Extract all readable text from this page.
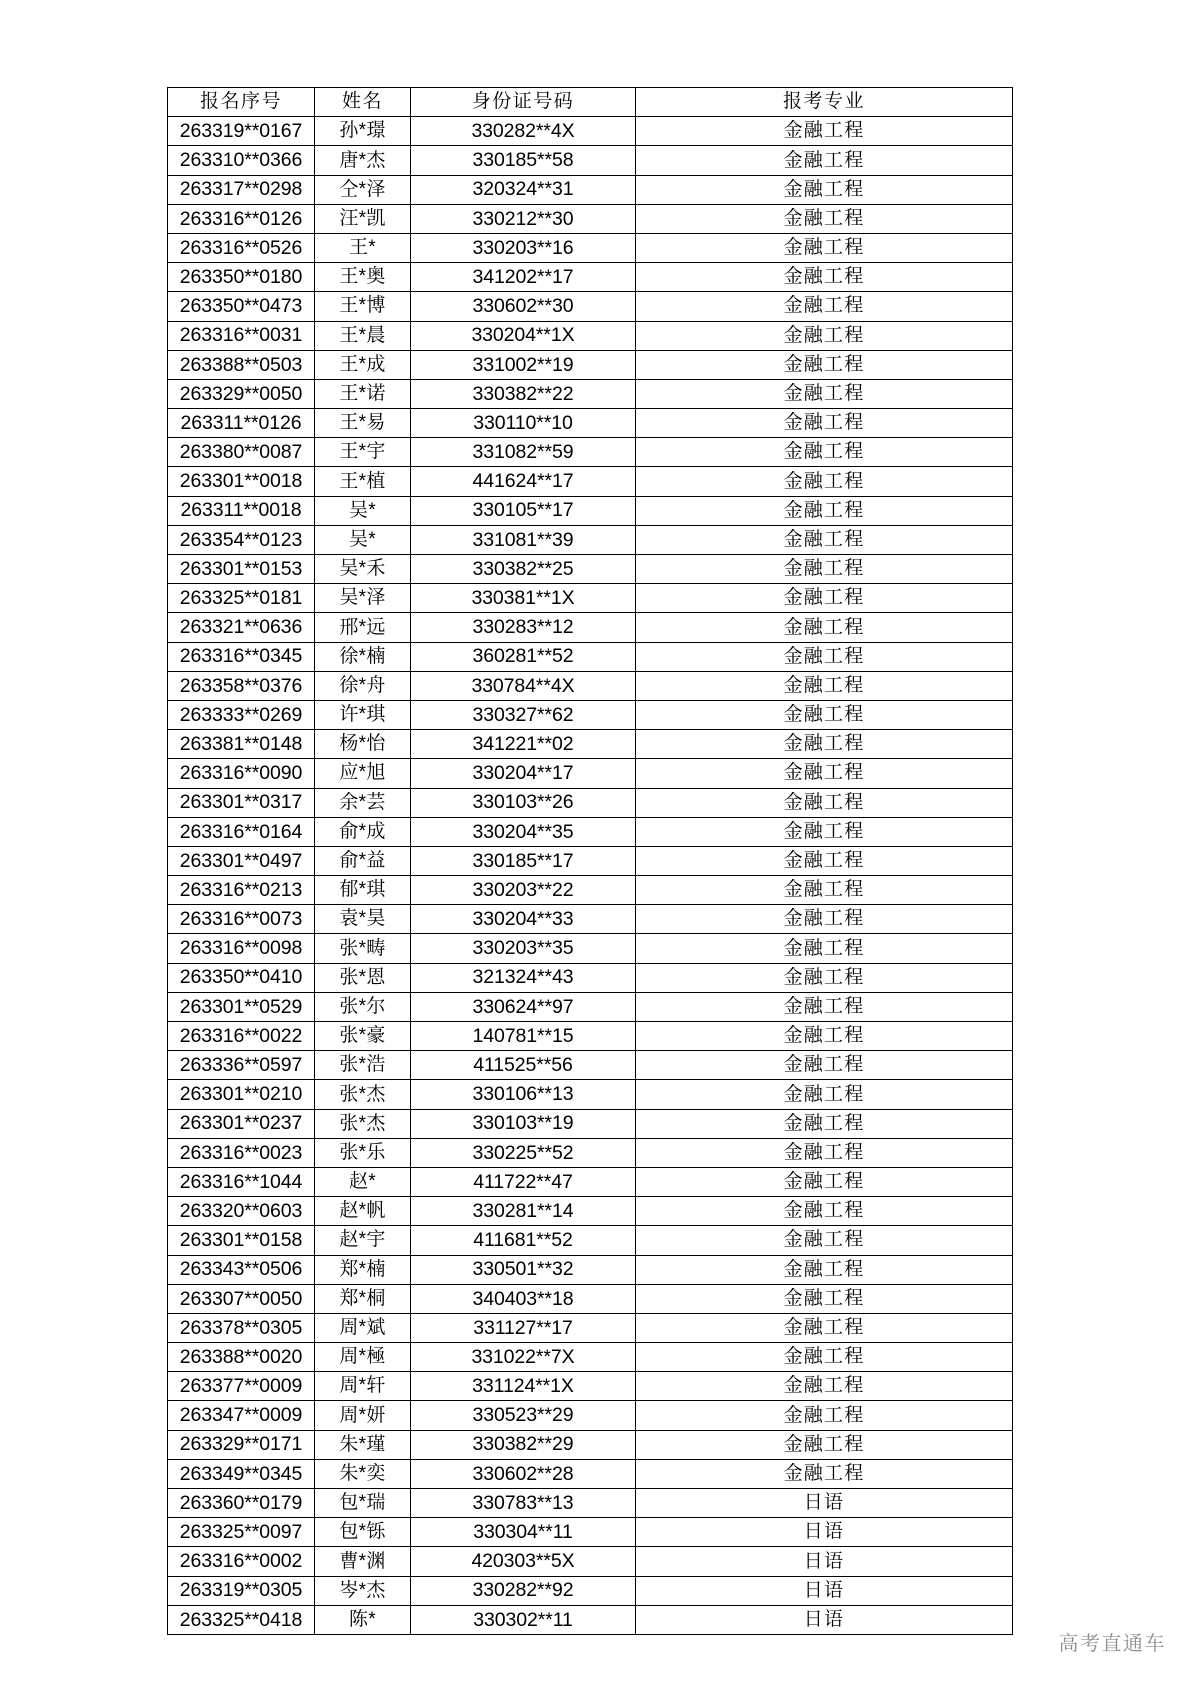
报名序号	姓名	身份证号码	报考专业
263319**0167	孙*璟	330282**4X	金融工程
263310**0366	唐*杰	330185**58	金融工程
263317**0298	仝*泽	320324**31	金融工程
263316**0126	汪*凯	330212**30	金融工程
263316**0526	王*	330203**16	金融工程
263350**0180	王*奥	341202**17	金融工程
263350**0473	王*博	330602**30	金融工程
263316**0031	王*晨	330204**1X	金融工程
263388**0503	王*成	331002**19	金融工程
263329**0050	王*诺	330382**22	金融工程
263311**0126	王*易	330110**10	金融工程
263380**0087	王*宇	331082**59	金融工程
263301**0018	王*植	441624**17	金融工程
263311**0018	吴*	330105**17	金融工程
263354**0123	吴*	331081**39	金融工程
263301**0153	吴*禾	330382**25	金融工程
263325**0181	吴*泽	330381**1X	金融工程
263321**0636	邢*远	330283**12	金融工程
263316**0345	徐*楠	360281**52	金融工程
263358**0376	徐*舟	330784**4X	金融工程
263333**0269	许*琪	330327**62	金融工程
263381**0148	杨*怡	341221**02	金融工程
263316**0090	应*旭	330204**17	金融工程
263301**0317	余*芸	330103**26	金融工程
263316**0164	俞*成	330204**35	金融工程
263301**0497	俞*益	330185**17	金融工程
263316**0213	郁*琪	330203**22	金融工程
263316**0073	袁*昊	330204**33	金融工程
263316**0098	张*畴	330203**35	金融工程
263350**0410	张*恩	321324**43	金融工程
263301**0529	张*尔	330624**97	金融工程
263316**0022	张*豪	140781**15	金融工程
263336**0597	张*浩	411525**56	金融工程
263301**0210	张*杰	330106**13	金融工程
263301**0237	张*杰	330103**19	金融工程
263316**0023	张*乐	330225**52	金融工程
263316**1044	赵*	411722**47	金融工程
263320**0603	赵*帆	330281**14	金融工程
263301**0158	赵*宇	411681**52	金融工程
263343**0506	郑*楠	330501**32	金融工程
263307**0050	郑*桐	340403**18	金融工程
263378**0305	周*斌	331127**17	金融工程
263388**0020	周*極	331022**7X	金融工程
263377**0009	周*轩	331124**1X	金融工程
263347**0009	周*妍	330523**29	金融工程
263329**0171	朱*瑾	330382**29	金融工程
263349**0345	朱*奕	330602**28	金融工程
263360**0179	包*瑞	330783**13	日语
263325**0097	包*铄	330304**11	日语
263316**0002	曹*渊	420303**5X	日语
263319**0305	岑*杰	330282**92	日语
263325**0418	陈*	330302**11	日语
高考直通车
